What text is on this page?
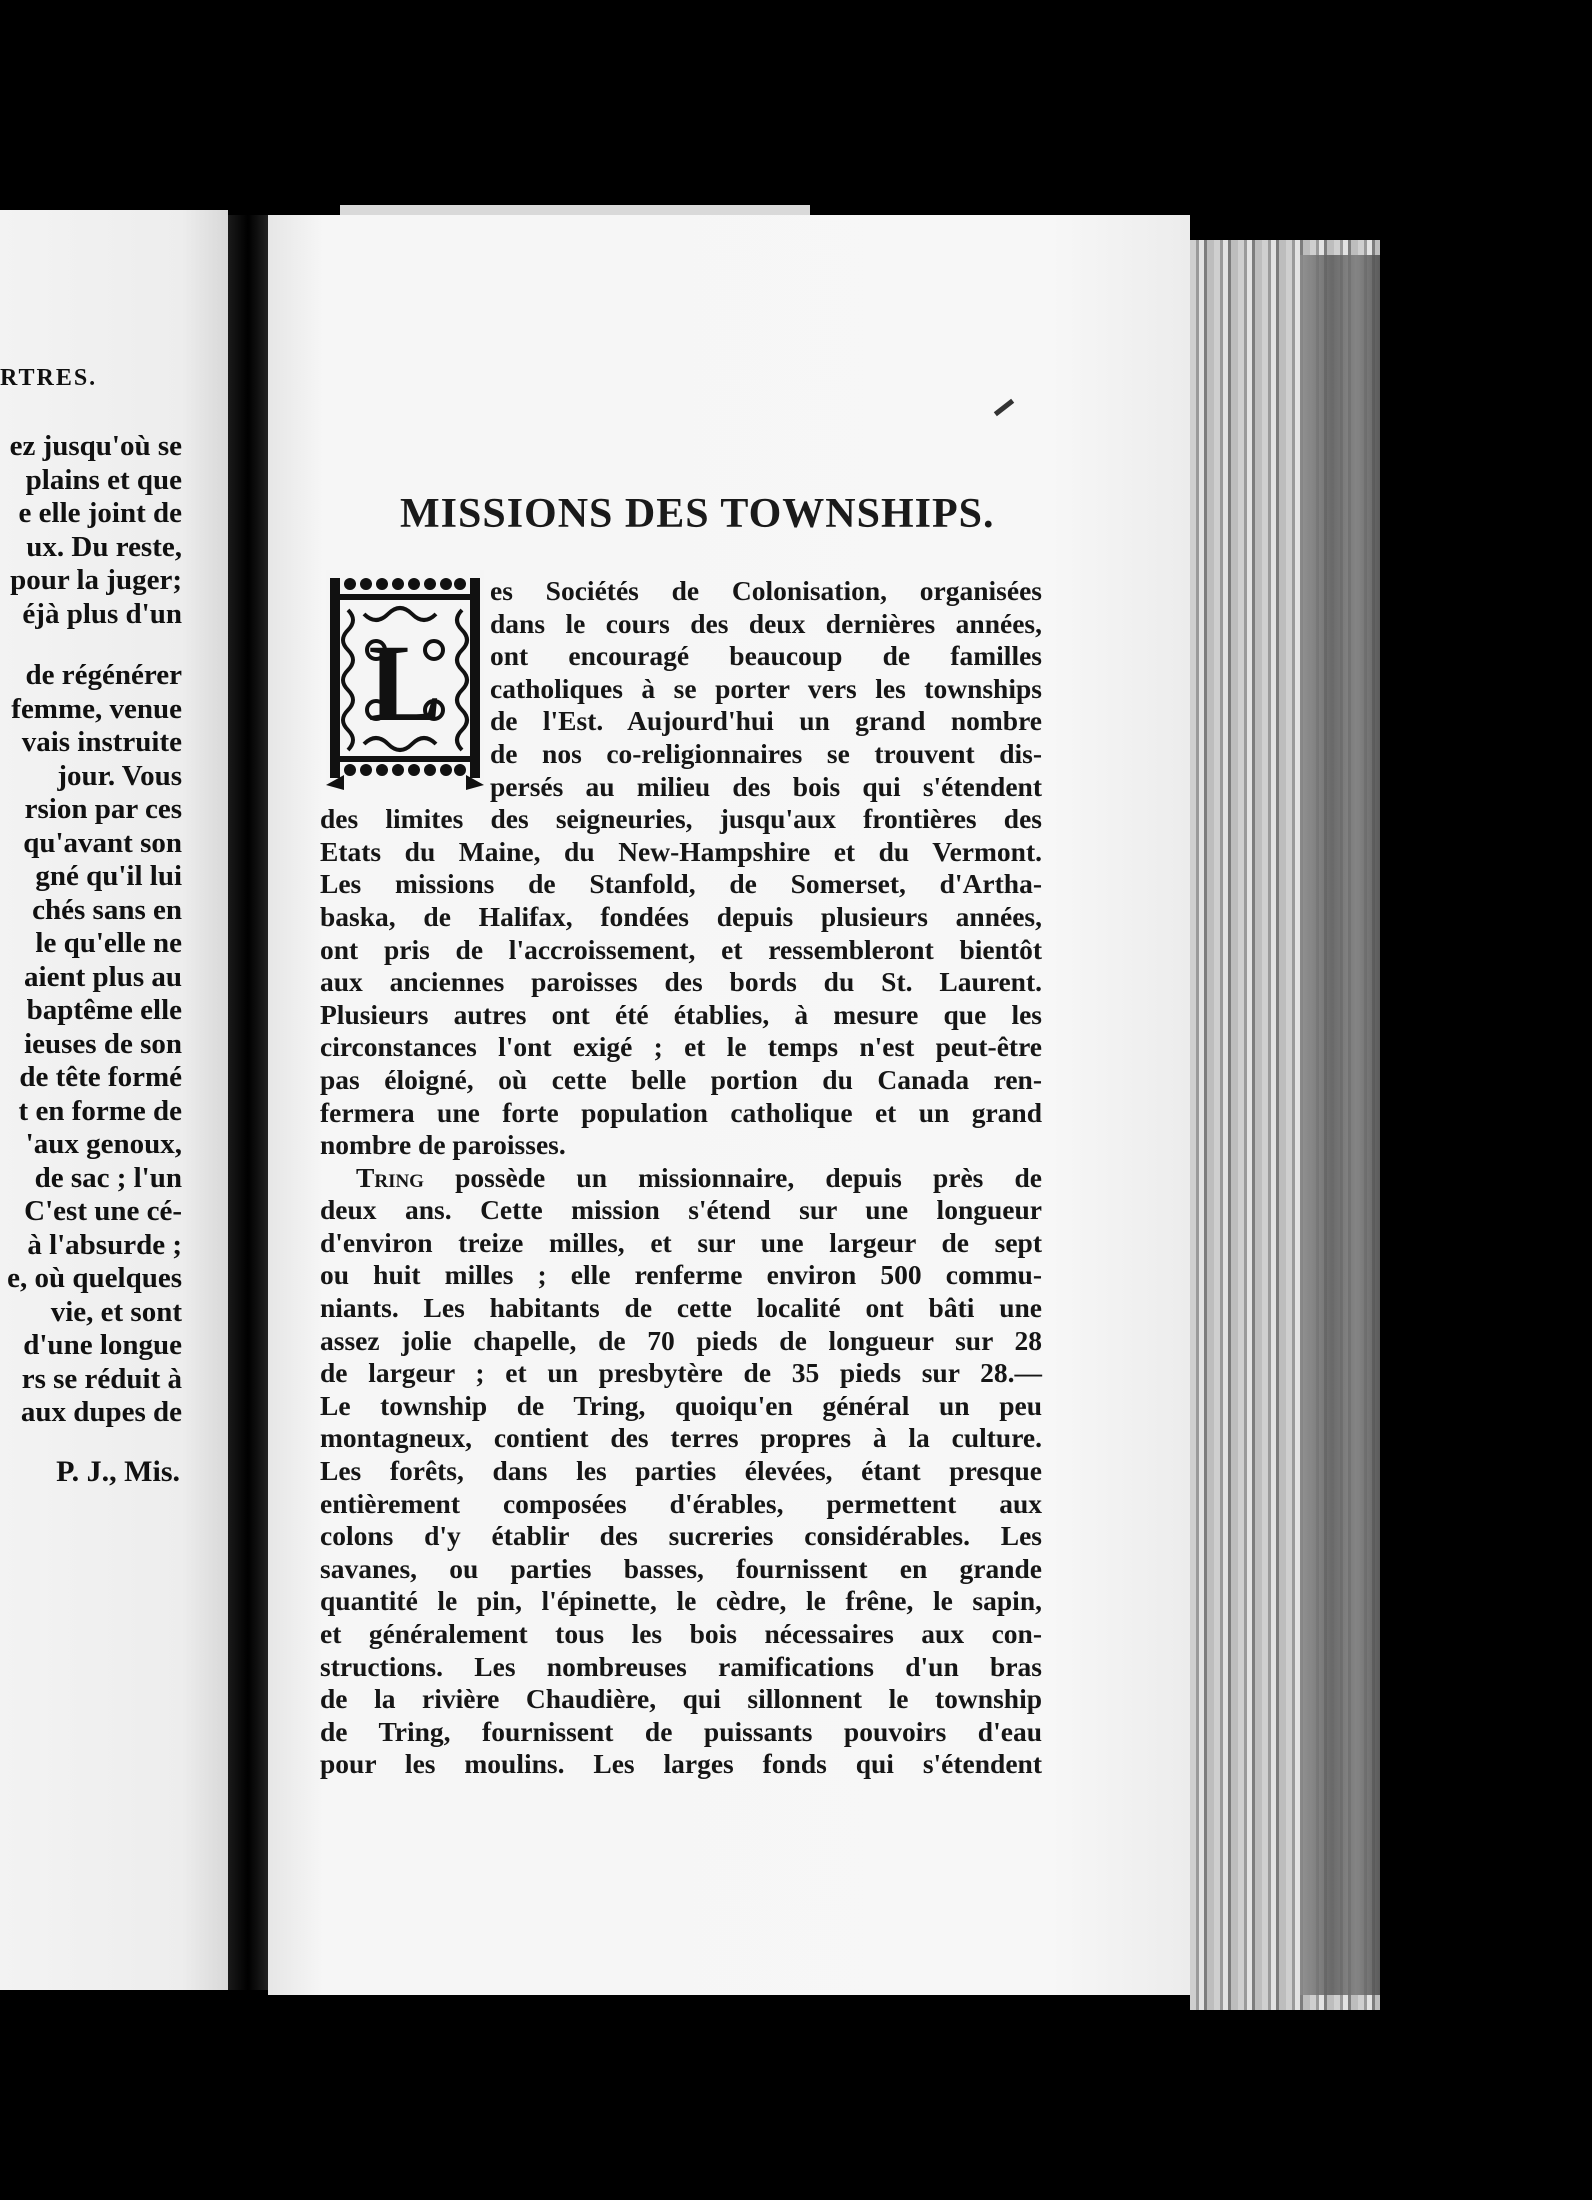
RTRES.
ez jusqu'où se
plains et que
e elle joint de
ux. Du reste,
pour la juger;
éjà plus d'un
de régénérer
femme, venue
vais instruite
jour. Vous
rsion par ces
qu'avant son
gné qu'il lui
chés sans en
le qu'elle ne
aient plus au
baptême elle
ieuses de son
de tête formé
t en forme de
'aux genoux,
de sac ; l'un
C'est une cé-
à l'absurde ;
e, où quelques
vie, et sont
d'une longue
rs se réduit à
aux dupes de
P. J., Mis.
MISSIONS DES TOWNSHIPS.
L
es Sociétés de Colonisation, organisées
dans le cours des deux dernières années,
ont encouragé beaucoup de familles
catholiques à se porter vers les townships
de l'Est. Aujourd'hui un grand nombre
de nos co-religionnaires se trouvent dis-
persés au milieu des bois qui s'étendent
des limites des seigneuries, jusqu'aux frontières des
Etats du Maine, du New-Hampshire et du Vermont.
Les missions de Stanfold, de Somerset, d'Artha-
baska, de Halifax, fondées depuis plusieurs années,
ont pris de l'accroissement, et ressembleront bientôt
aux anciennes paroisses des bords du St. Laurent.
Plusieurs autres ont été établies, à mesure que les
circonstances l'ont exigé ; et le temps n'est peut-être
pas éloigné, où cette belle portion du Canada ren-
fermera une forte population catholique et un grand
nombre de paroisses.
Tring possède un missionnaire, depuis près de
deux ans. Cette mission s'étend sur une longueur
d'environ treize milles, et sur une largeur de sept
ou huit milles ; elle renferme environ 500 commu-
niants. Les habitants de cette localité ont bâti une
assez jolie chapelle, de 70 pieds de longueur sur 28
de largeur ; et un presbytère de 35 pieds sur 28.—
Le township de Tring, quoiqu'en général un peu
montagneux, contient des terres propres à la culture.
Les forêts, dans les parties élevées, étant presque
entièrement composées d'érables, permettent aux
colons d'y établir des sucreries considérables. Les
savanes, ou parties basses, fournissent en grande
quantité le pin, l'épinette, le cèdre, le frêne, le sapin,
et généralement tous les bois nécessaires aux con-
structions. Les nombreuses ramifications d'un bras
de la rivière Chaudière, qui sillonnent le township
de Tring, fournissent de puissants pouvoirs d'eau
pour les moulins. Les larges fonds qui s'étendent
